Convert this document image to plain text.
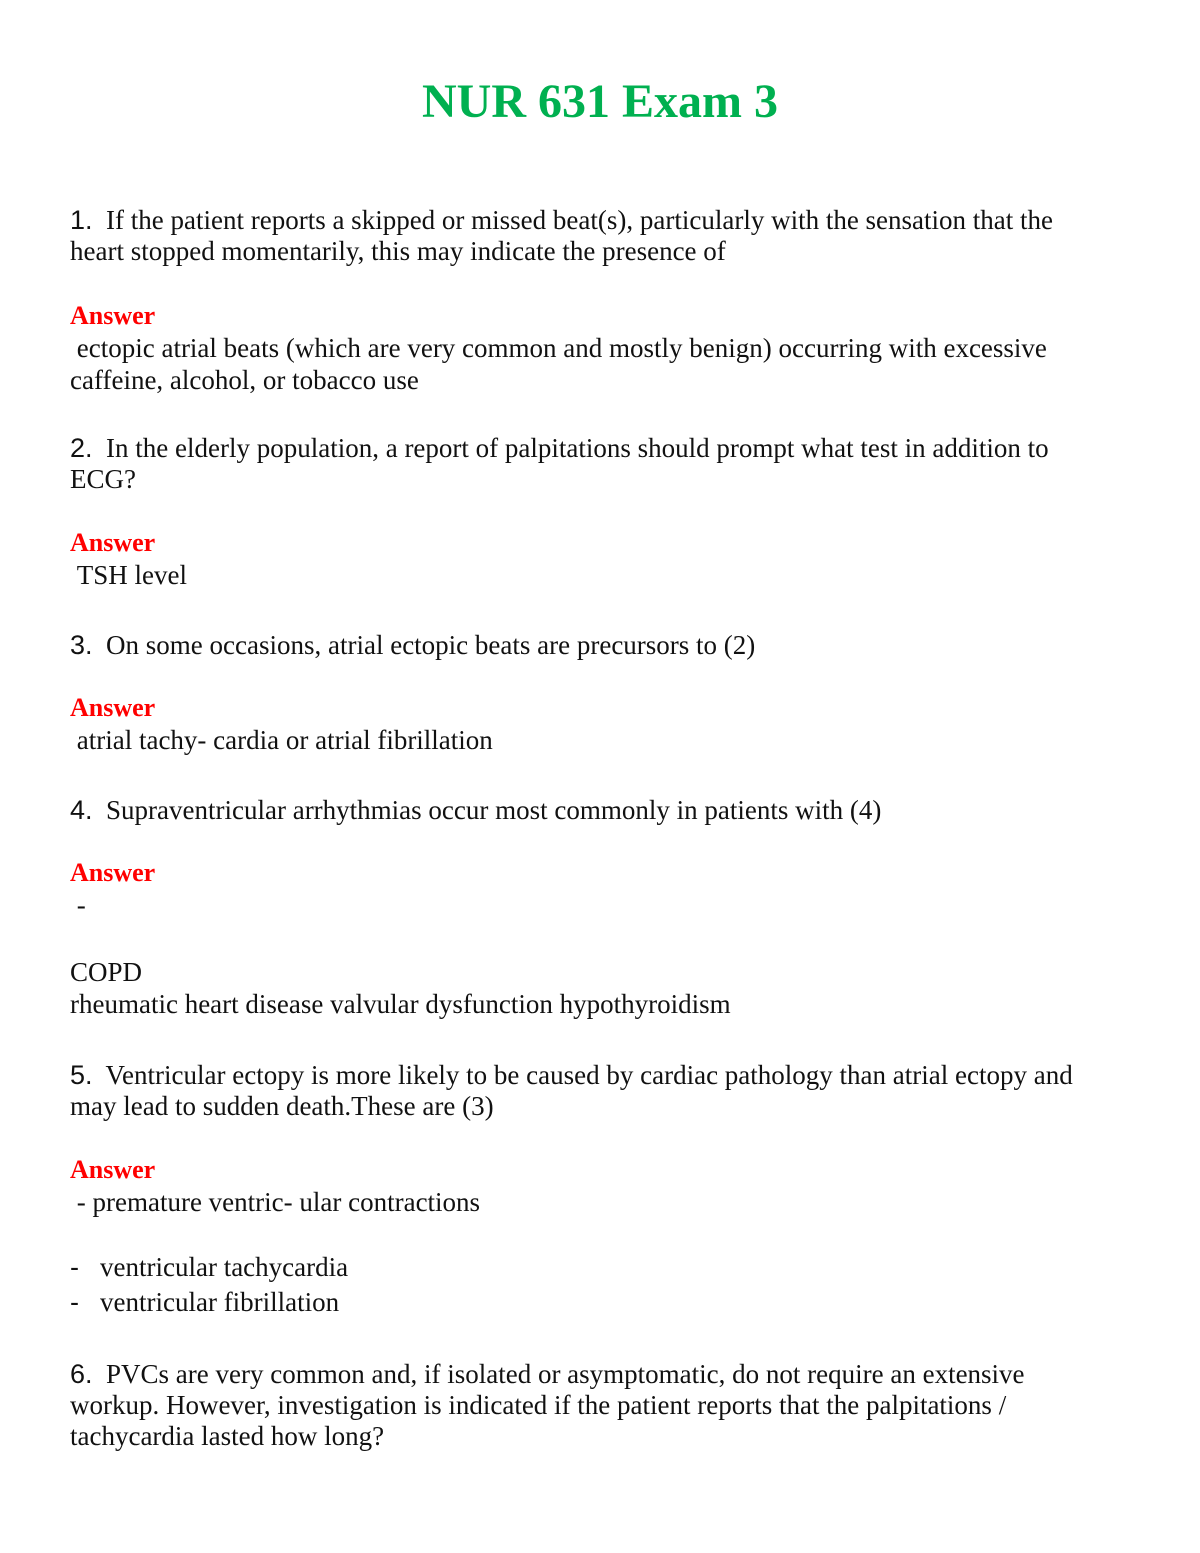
NUR 631 Exam 3

1. If the patient reports a skipped or missed beat(s), particularly with the sensation that the heart stopped momentarily, this may indicate the presence of

Answer

ectopic atrial beats (which are very common and mostly benign) occurring with excessive caffeine, alcohol, or tobacco use

2. In the elderly population, a report of palpitations should prompt what test in addition to ECG?

Answer

TSH level

3. On some occasions, atrial ectopic beats are precursors to (2)

Answer

atrial tachy- cardia or atrial fibrillation

4. Supraventricular arrhythmias occur most commonly in patients with (4)

Answer

-

COPD

rheumatic heart disease valvular dysfunction hypothyroidism

5. Ventricular ectopy is more likely to be caused by cardiac pathology than atrial ectopy and may lead to sudden death.These are (3)

Answer

- premature ventric- ular contractions

- ventricular tachycardia

- ventricular fibrillation

6. PVCs are very common and, if isolated or asymptomatic, do not require an extensive workup. However, investigation is indicated if the patient reports that the palpitations / tachycardia lasted how long?
